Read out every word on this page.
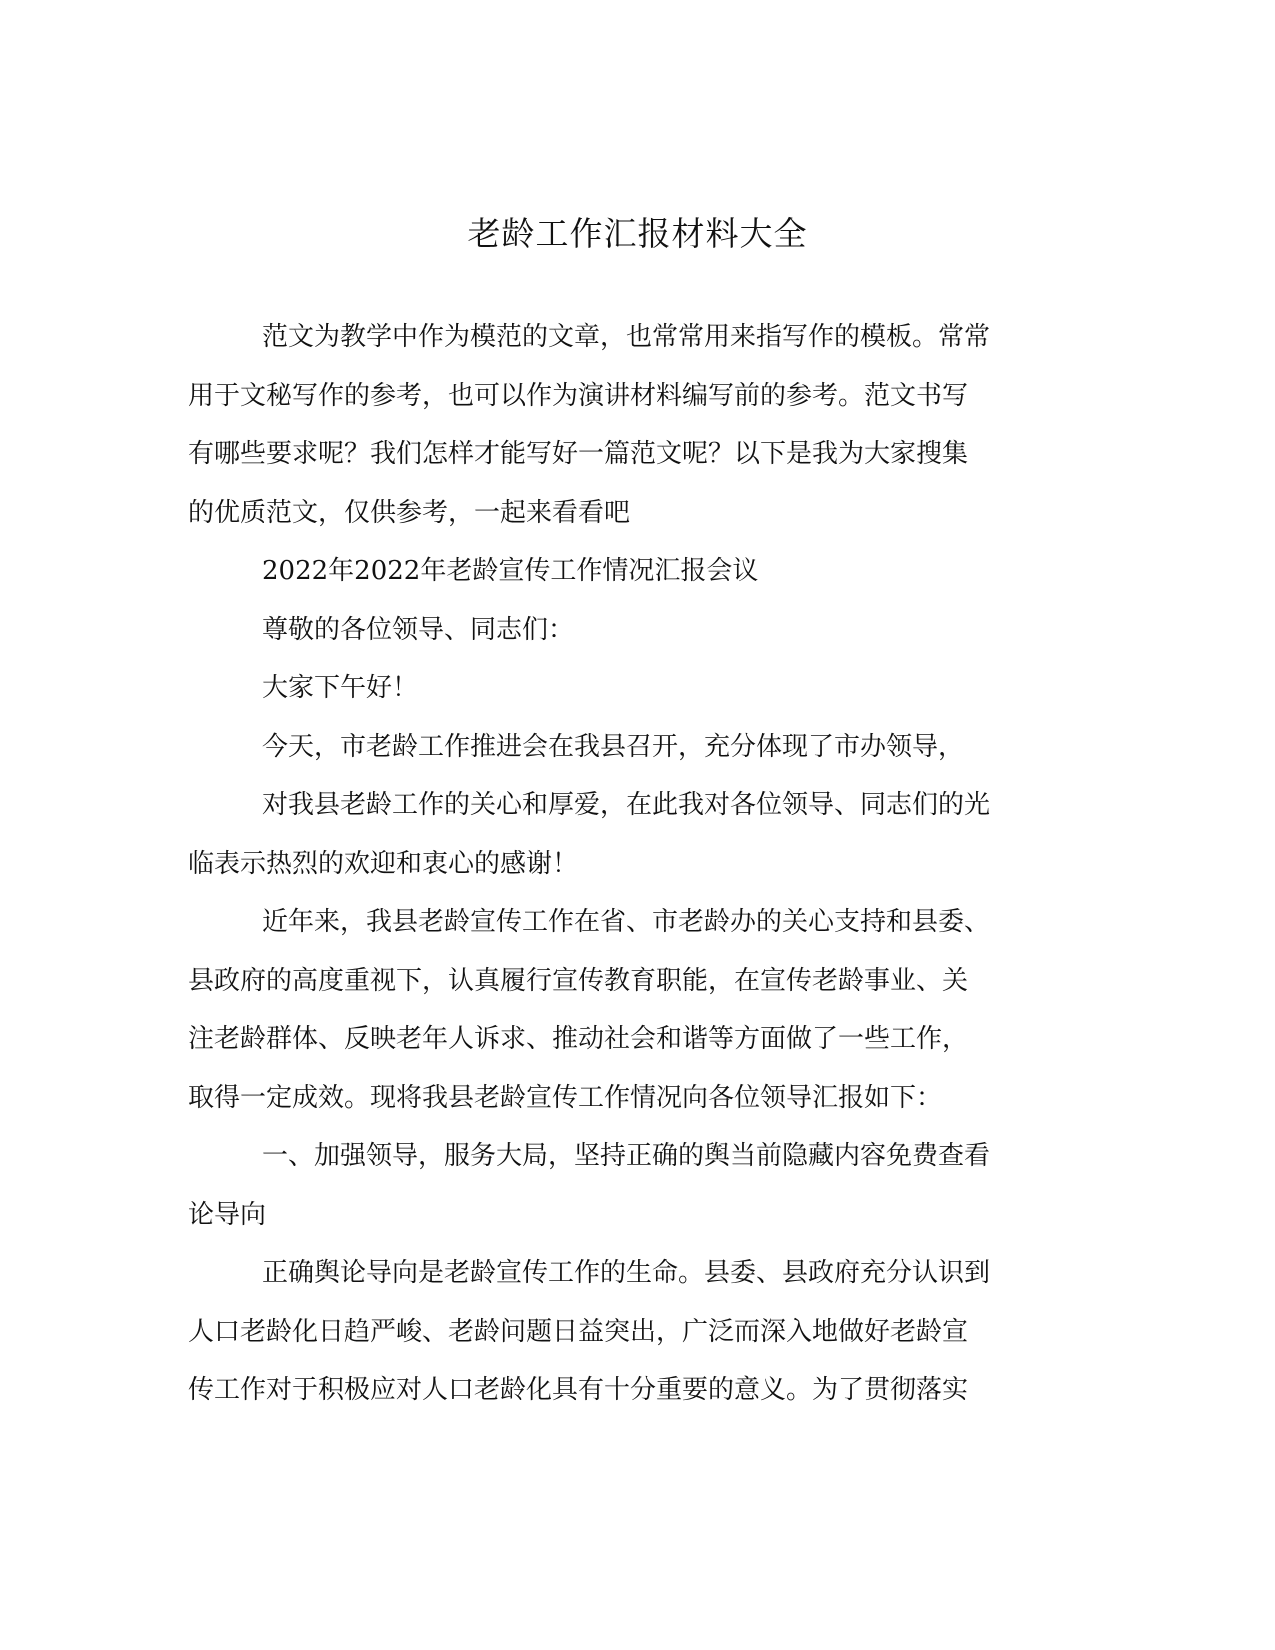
老龄工作汇报材料大全
范文为教学中作为模范的文章，也常常用来指写作的模板。常常
用于文秘写作的参考，也可以作为演讲材料编写前的参考。范文书写
有哪些要求呢？我们怎样才能写好一篇范文呢？以下是我为大家搜集
的优质范文，仅供参考，一起来看看吧
2022年2022年老龄宣传工作情况汇报会议
尊敬的各位领导、同志们：
大家下午好！
今天，市老龄工作推进会在我县召开，充分体现了市办领导，
对我县老龄工作的关心和厚爱，在此我对各位领导、同志们的光
临表示热烈的欢迎和衷心的感谢！
近年来，我县老龄宣传工作在省、市老龄办的关心支持和县委、
县政府的高度重视下，认真履行宣传教育职能，在宣传老龄事业、关
注老龄群体、反映老年人诉求、推动社会和谐等方面做了一些工作，
取得一定成效。现将我县老龄宣传工作情况向各位领导汇报如下：
一、加强领导，服务大局，坚持正确的舆当前隐藏内容免费查看
论导向
正确舆论导向是老龄宣传工作的生命。县委、县政府充分认识到
人口老龄化日趋严峻、老龄问题日益突出，广泛而深入地做好老龄宣
传工作对于积极应对人口老龄化具有十分重要的意义。为了贯彻落实
